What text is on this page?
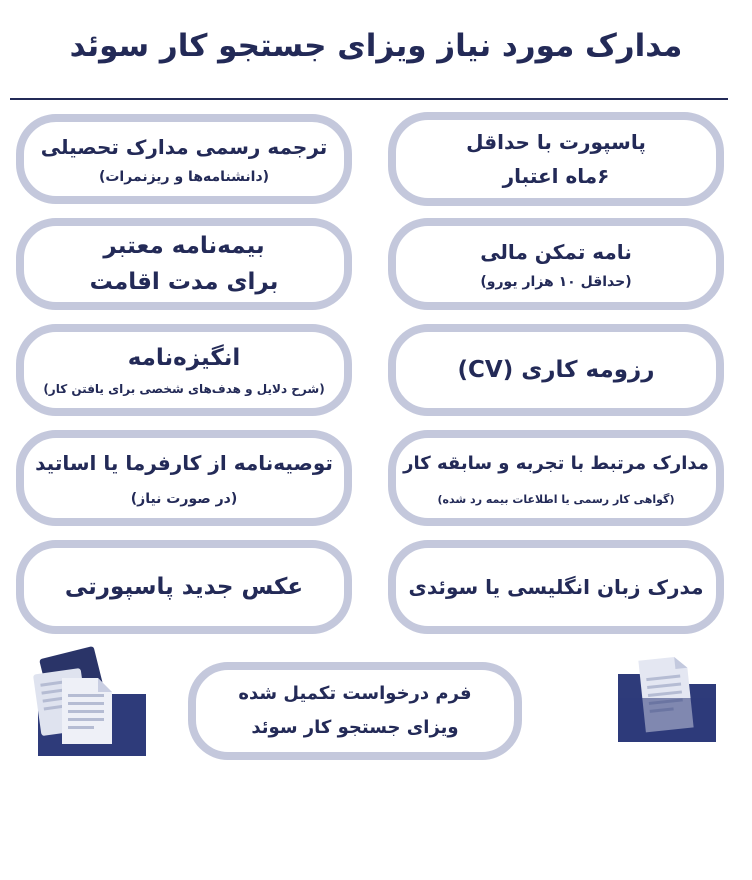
مدارک مورد نیاز ویزای جستجو کار سوئد
پاسپورت با حداقل
۶ماه اعتبار
ترجمه رسمی مدارک تحصیلی
(دانشنامه‌ها و ریزنمرات)
نامه تمکن مالی
(حداقل ۱۰ هزار یورو)
بیمه‌نامه معتبر
برای مدت اقامت
رزومه کاری (CV)
انگیزه‌نامه
(شرح دلایل و هدف‌های شخصی برای یافتن کار)
مدارک مرتبط با تجربه و سابقه کار
(گواهی کار رسمی یا اطلاعات بیمه رد شده)
توصیه‌نامه از کارفرما یا اساتید
(در صورت نیاز)
مدرک زبان انگلیسی یا سوئدی
عکس جدید پاسپورتی
فرم درخواست تکمیل شده
ویزای جستجو کار سوئد
